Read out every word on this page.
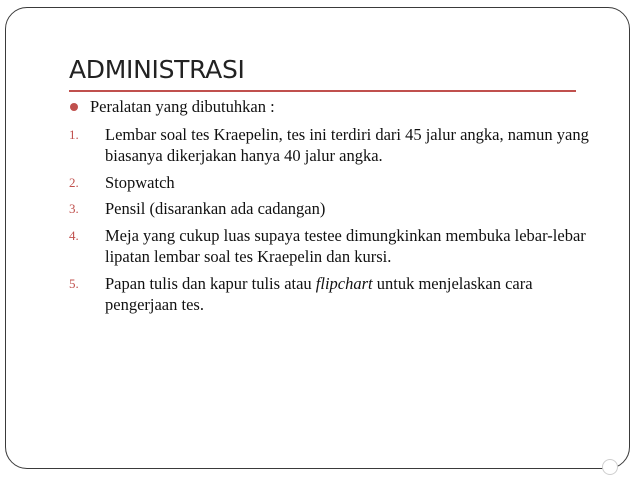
ADMINISTRASI
Peralatan yang dibutuhkan :
1. Lembar soal tes Kraepelin, tes ini terdiri dari 45 jalur angka, namun yang biasanya dikerjakan hanya 40 jalur angka.
2. Stopwatch
3. Pensil (disarankan ada cadangan)
4. Meja yang cukup luas supaya testee dimungkinkan membuka lebar-lebar lipatan lembar soal tes Kraepelin dan kursi.
5. Papan tulis dan kapur tulis atau flipchart untuk menjelaskan cara pengerjaan tes.
